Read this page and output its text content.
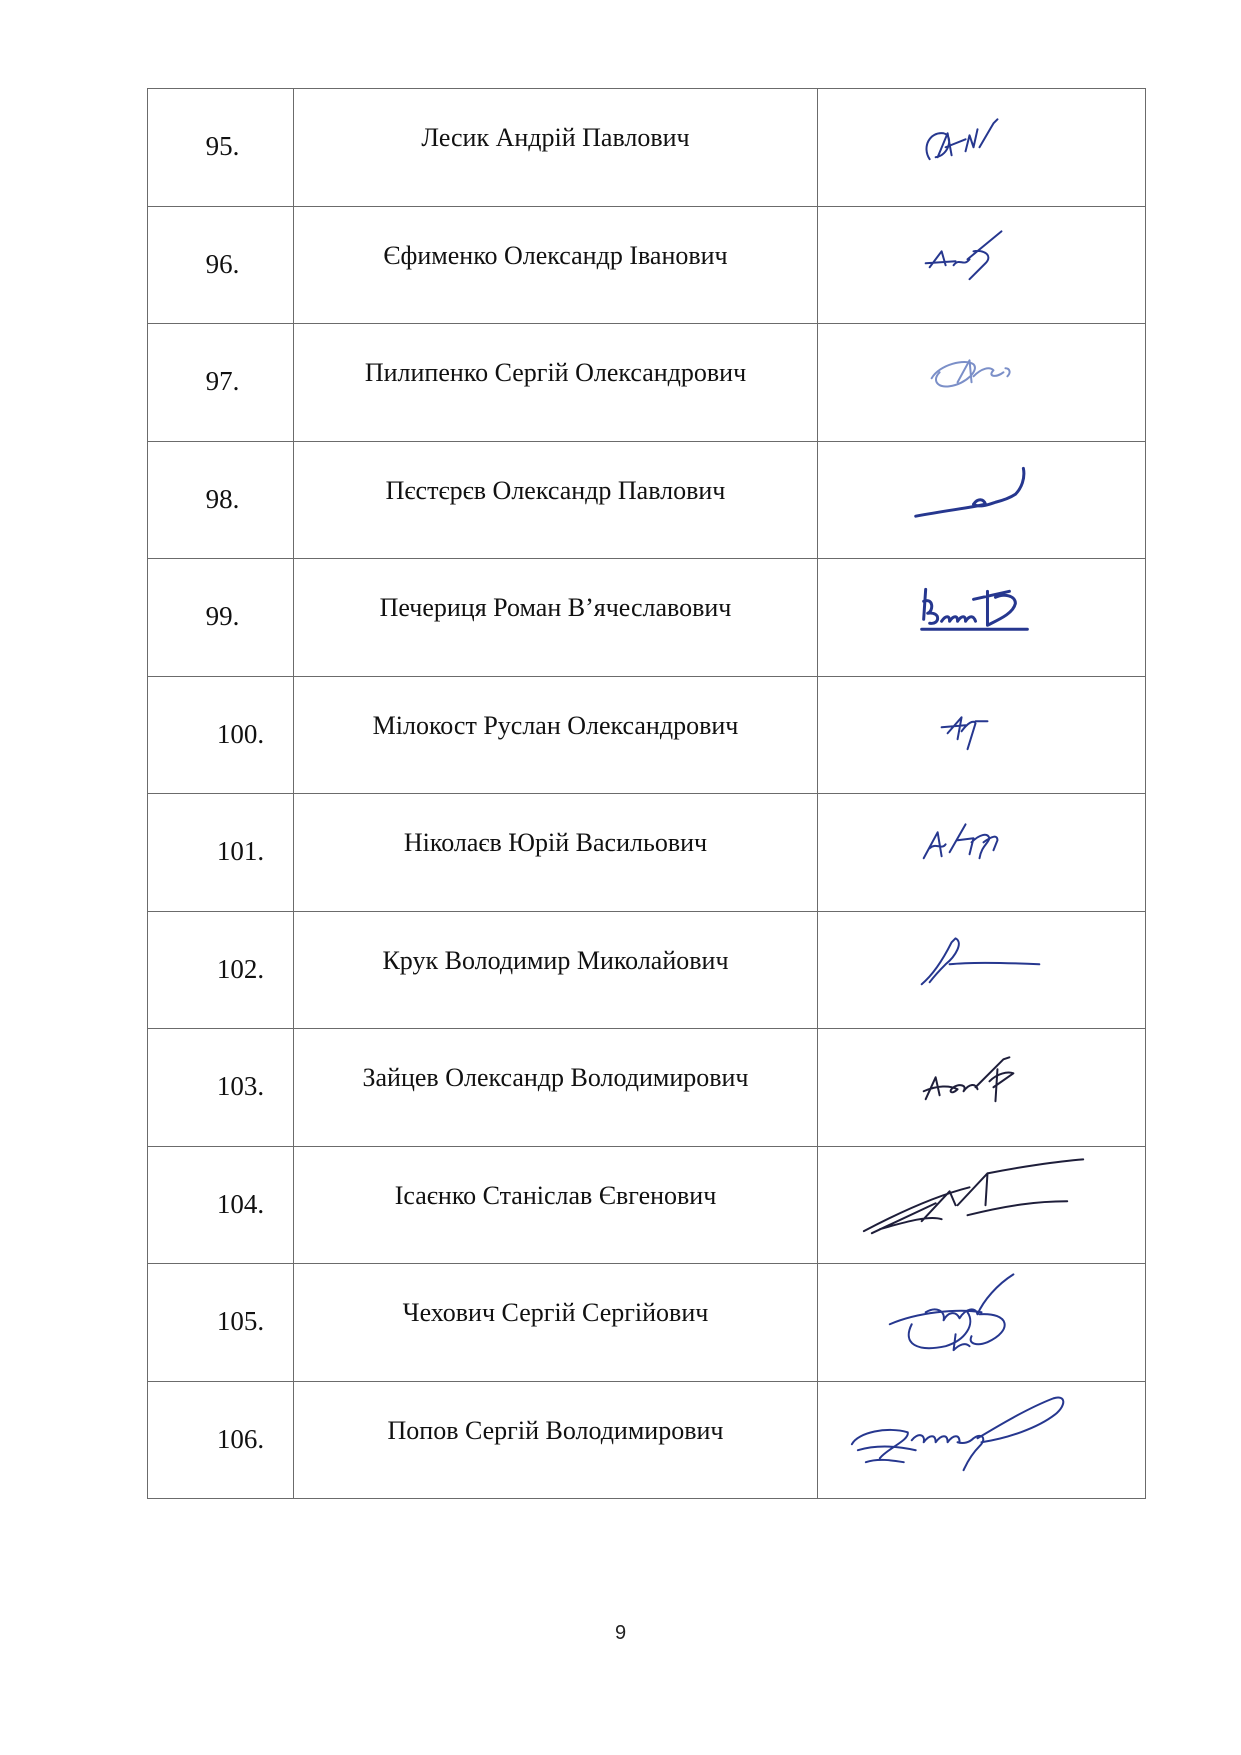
95.	Лесик Андрій Павлович	

96.	Єфименко Олександр Іванович	

97.	Пилипенко Сергій Олександрович	

98.	Пєстєрєв Олександр Павлович	

99.	Печериця Роман В’ячеславович	

100.	Мілокост Руслан Олександрович	

101.	Ніколаєв Юрій Васильович	

102.	Крук Володимир Миколайович	

103.	Зайцев Олександр Володимирович	

104.	Ісаєнко Станіслав Євгенович	

105.	Чехович Сергій Сергійович	

106.	Попов Сергій Володимирович	
9
